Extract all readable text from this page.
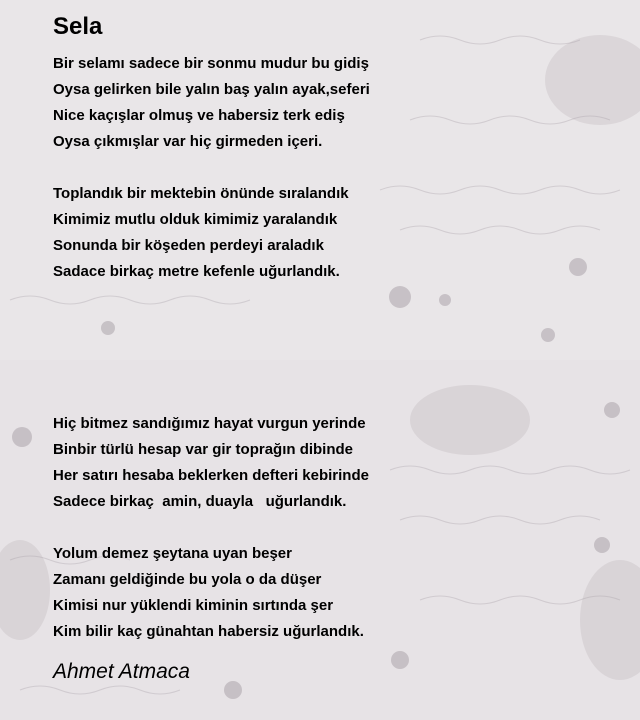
Sela
Bir selamı sadece bir sonmu mudur bu gidiş
Oysa gelirken bile yalın baş yalın ayak,seferi
Nice kaçışlar olmuş ve habersiz terk ediş
Oysa çıkmışlar var hiç girmeden içeri.
Toplandık bir mektebin önünde sıralandık
Kimimiz mutlu olduk kimimiz yaralandık
Sonunda bir köşeden perdeyi araladık
Sadace birkaç metre kefenle uğurlandık.
Hiç bitmez sandığımız hayat vurgun yerinde
Binbir türlü hesap var gir toprağın dibinde
Her satırı hesaba beklerken defteri kebirinde
Sadece birkaç  amin, duayla   uğurlandık.
Yolum demez şeytana uyan beşer
Zamanı geldiğinde bu yola o da düşer
Kimisi nur yüklendi kiminin sırtında şer
Kim bilir kaç günahtan habersiz uğurlandık.
Ahmet Atmaca
